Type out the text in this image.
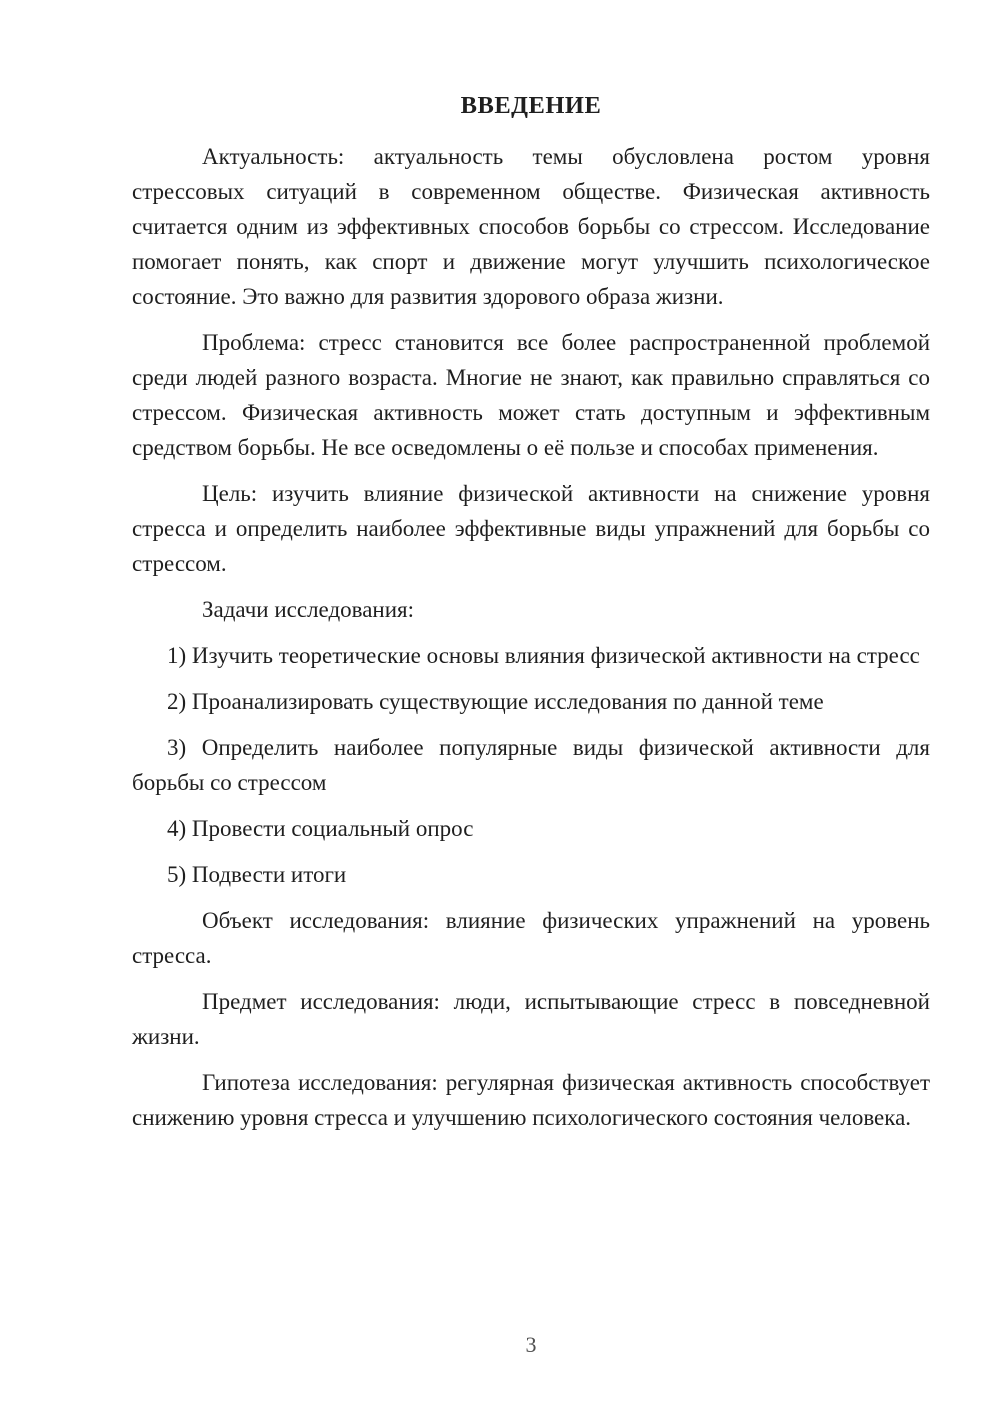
ВВЕДЕНИЕ

Актуальность: актуальность темы обусловлена ростом уровня стрессовых ситуаций в современном обществе. Физическая активность считается одним из эффективных способов борьбы со стрессом. Исследование помогает понять, как спорт и движение могут улучшить психологическое состояние. Это важно для развития здорового образа жизни.

Проблема: стресс становится все более распространенной проблемой среди людей разного возраста. Многие не знают, как правильно справляться со стрессом. Физическая активность может стать доступным и эффективным средством борьбы. Не все осведомлены о её пользе и способах применения.

Цель: изучить влияние физической активности на снижение уровня стресса и определить наиболее эффективные виды упражнений для борьбы со стрессом.

Задачи исследования:

1) Изучить теоретические основы влияния физической активности на стресс

2) Проанализировать существующие исследования по данной теме

3) Определить наиболее популярные виды физической активности для борьбы со стрессом

4) Провести социальный опрос

5) Подвести итоги

Объект исследования: влияние физических упражнений на уровень стресса.

Предмет исследования: люди, испытывающие стресс в повседневной жизни.

Гипотеза исследования: регулярная физическая активность способствует снижению уровня стресса и улучшению психологического состояния человека.

3
